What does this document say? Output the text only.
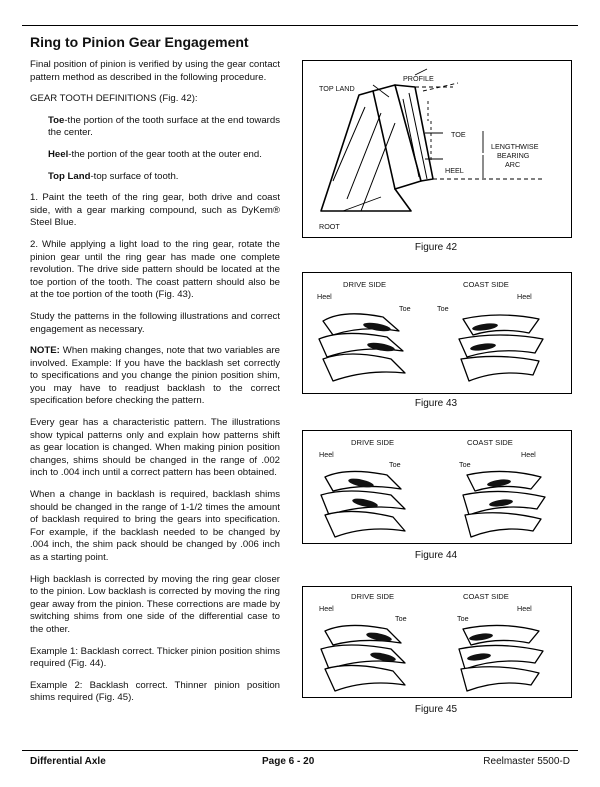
Ring to Pinion Gear Engagement

Final position of pinion is verified by using the gear contact pattern method as described in the following procedure.

GEAR TOOTH DEFINITIONS (Fig. 42):

Toe-the portion of the tooth surface at the end towards the center.

Heel-the portion of the gear tooth at the outer end.

Top Land-top surface of tooth.

1. Paint the teeth of the ring gear, both drive and coast side, with a gear marking compound, such as DyKem® Steel Blue.

2. While applying a light load to the ring gear, rotate the pinion gear until the ring gear has made one complete revolution. The drive side pattern should be located at the toe portion of the tooth. The coast pattern should also be at the toe portion of the tooth (Fig. 43).

Study the patterns in the following illustrations and correct engagement as necessary.

NOTE: When making changes, note that two variables are involved. Example: If you have the backlash set correctly to specifications and you change the pinion position shim, you may have to readjust backlash to the correct specification before checking the pattern.

Every gear has a characteristic pattern. The illustrations show typical patterns only and explain how patterns shift as gear location is changed. When making pinion position changes, shims should be changed in the range of .002 inch to .004 inch until a correct pattern has been obtained.

When a change in backlash is required, backlash shims should be changed in the range of 1-1/2 times the amount of backlash required to bring the gears into specification. For example, if the backlash needed to be changed by .004 inch, the shim pack should be changed by .006 inch as a starting point.

High backlash is corrected by moving the ring gear closer to the pinion. Low backlash is corrected by moving the ring gear away from the pinion. These corrections are made by switching shims from one side of the differential case to the other.

Example 1: Backlash correct. Thicker pinion position shims required (Fig. 44).

Example 2: Backlash correct. Thinner pinion position shims required (Fig. 45).

PROFILE
TOP LAND
TOE
HEEL
LENGTHWISE
BEARING
ARC
ROOT
Figure 42
DRIVE SIDE	COAST SIDE
Heel
Toe	Toe
Heel
Figure 43
DRIVE SIDE	COAST SIDE
Heel
Toe	Toe
Heel
Figure 44
DRIVE SIDE	COAST SIDE
Heel
Toe	Toe
Heel
Figure 45
Differential Axle	Page 6 - 20	Reelmaster 5500-D
